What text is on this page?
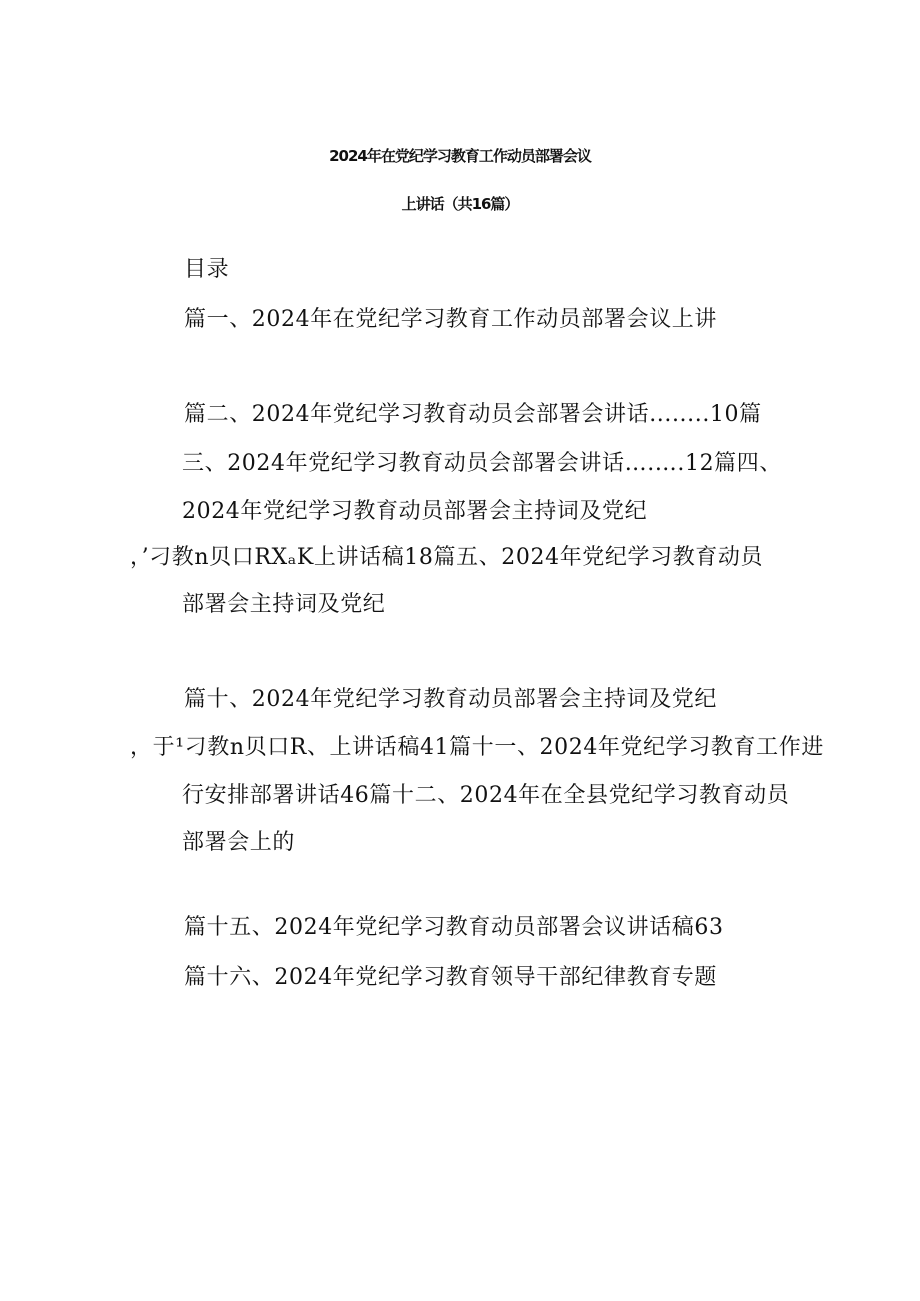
2024年在党纪学习教育工作动员部署会议
上讲话（共16篇）
目录
篇一、2024年在党纪学习教育工作动员部署会议上讲
篇二、2024年党纪学习教育动员会部署会讲话........10篇
三、2024年党纪学习教育动员会部署会讲话….….12篇四、
2024年党纪学习教育动员部署会主持词及党纪
，’刁教n贝口RXₐK上讲话稿18篇五、2024年党纪学习教育动员
部署会主持词及党纪
篇十、2024年党纪学习教育动员部署会主持词及党纪
，于¹刁教n贝口R、上讲话稿41篇十一、2024年党纪学习教育工作进
行安排部署讲话46篇十二、2024年在全县党纪学习教育动员
部署会上的
篇十五、2024年党纪学习教育动员部署会议讲话稿63
篇十六、2024年党纪学习教育领导干部纪律教育专题
